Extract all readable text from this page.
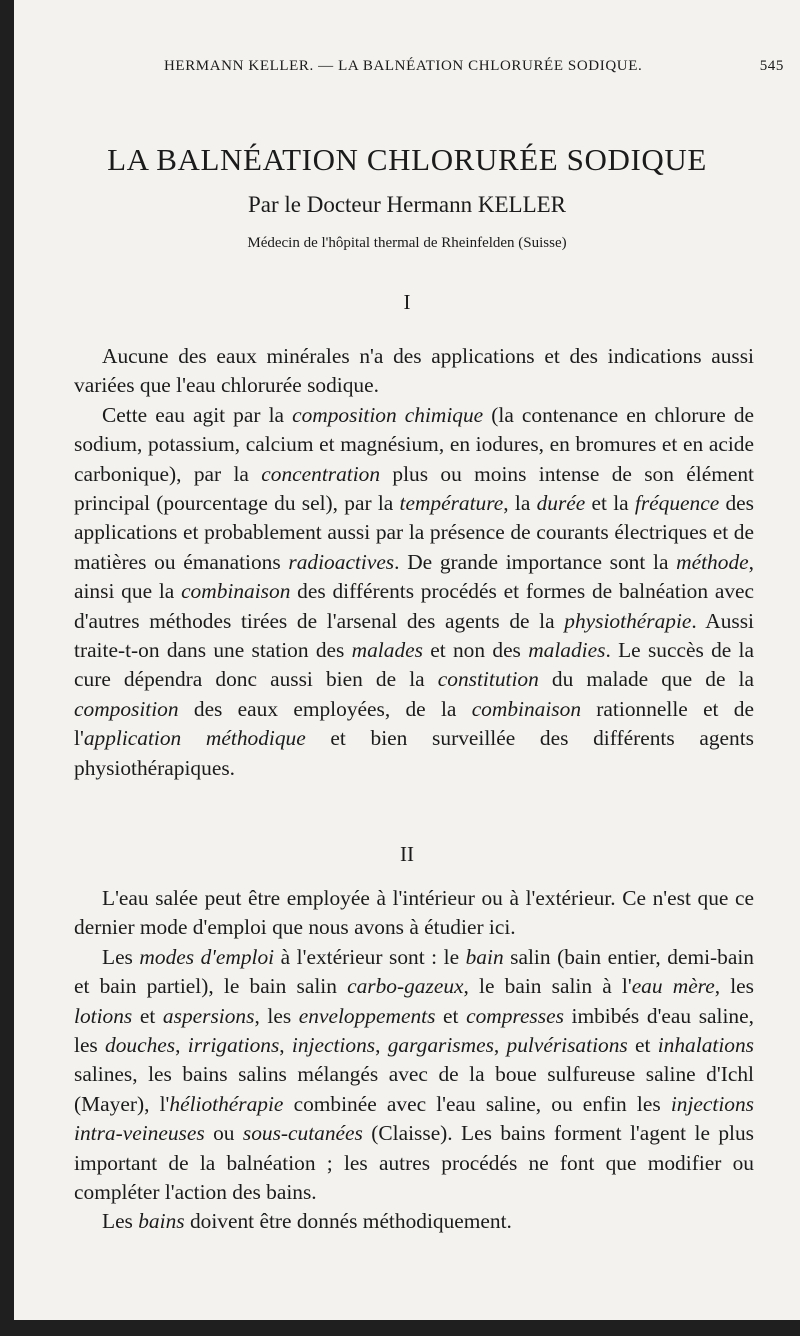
HERMANN KELLER. — LA BALNÉATION CHLORURÉE SODIQUE.	545
LA BALNÉATION CHLORURÉE SODIQUE
Par le Docteur Hermann KELLER
Médecin de l'hôpital thermal de Rheinfelden (Suisse)
I

Aucune des eaux minérales n'a des applications et des indications aussi variées que l'eau chlorurée sodique.

Cette eau agit par la composition chimique (la contenance en chlorure de sodium, potassium, calcium et magnésium, en iodures, en bromures et en acide carbonique), par la concentration plus ou moins intense de son élément principal (pourcentage du sel), par la température, la durée et la fréquence des applications et probablement aussi par la présence de courants électriques et de matières ou émanations radioactives. De grande importance sont la méthode, ainsi que la combinaison des différents procédés et formes de balnéation avec d'autres méthodes tirées de l'arsenal des agents de la physiothérapie. Aussi traite-t-on dans une station des malades et non des maladies. Le succès de la cure dépendra donc aussi bien de la constitution du malade que de la composition des eaux employées, de la combinaison rationnelle et de l'application méthodique et bien surveillée des différents agents physiothérapiques.

II

L'eau salée peut être employée à l'intérieur ou à l'extérieur. Ce n'est que ce dernier mode d'emploi que nous avons à étudier ici.

Les modes d'emploi à l'extérieur sont : le bain salin (bain entier, demi-bain et bain partiel), le bain salin carbo-gazeux, le bain salin à l'eau mère, les lotions et aspersions, les enveloppements et compresses imbibés d'eau saline, les douches, irrigations, injections, gargarismes, pulvérisations et inhalations salines, les bains salins mélangés avec de la boue sulfureuse saline d'Ichl (Mayer), l'héliothérapie combinée avec l'eau saline, ou enfin les injections intra-veineuses ou sous-cutanées (Claisse). Les bains forment l'agent le plus important de la balnéation ; les autres procédés ne font que modifier ou compléter l'action des bains.

Les bains doivent être donnés méthodiquement.
